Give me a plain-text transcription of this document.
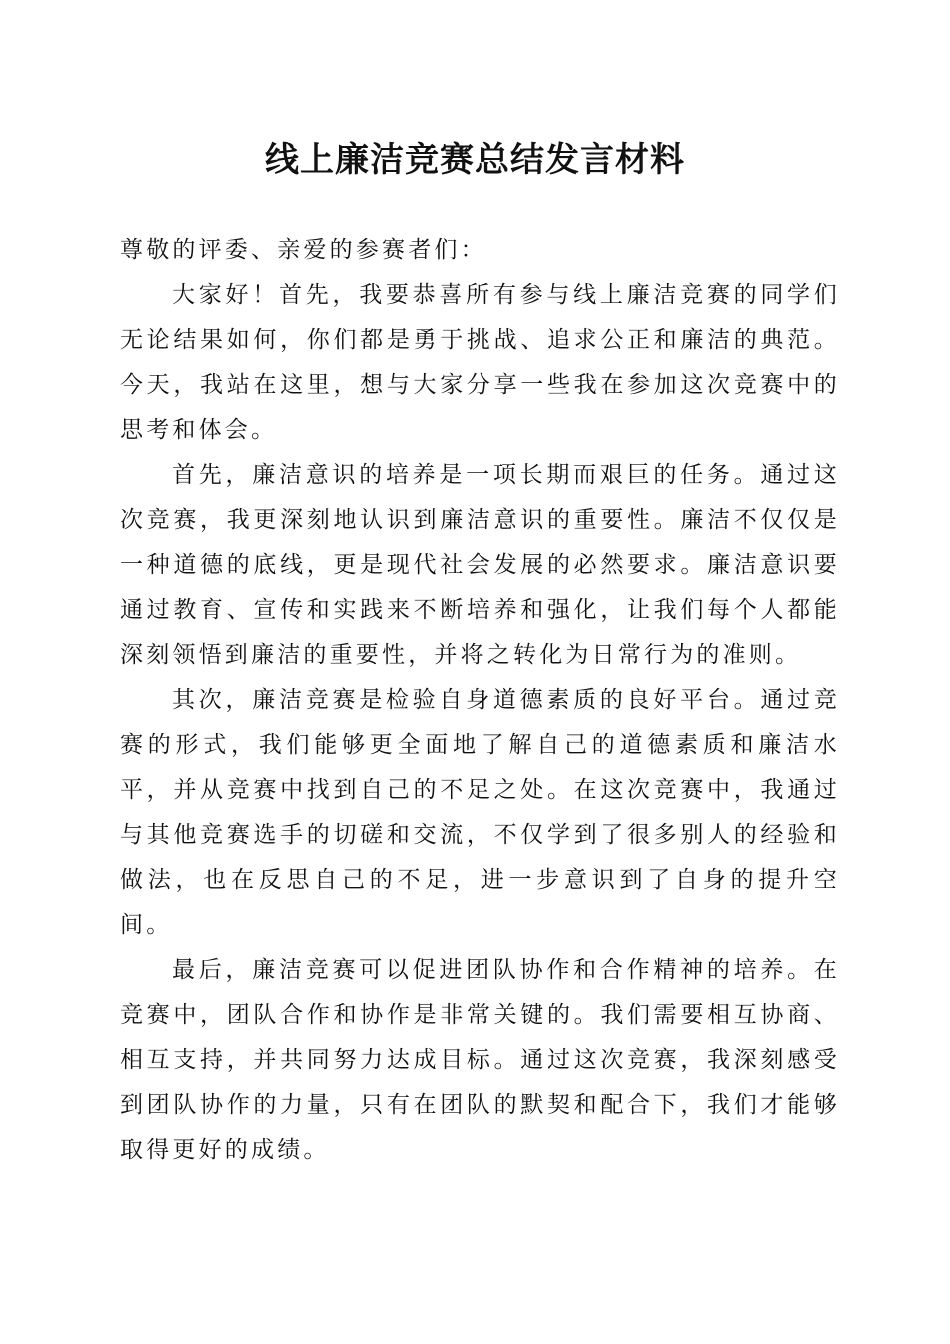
线上廉洁竞赛总结发言材料

尊敬的评委、亲爱的参赛者们：

大家好！首先，我要恭喜所有参与线上廉洁竞赛的同学们无论结果如何，你们都是勇于挑战、追求公正和廉洁的典范。今天，我站在这里，想与大家分享一些我在参加这次竞赛中的思考和体会。

首先，廉洁意识的培养是一项长期而艰巨的任务。通过这次竞赛，我更深刻地认识到廉洁意识的重要性。廉洁不仅仅是一种道德的底线，更是现代社会发展的必然要求。廉洁意识要通过教育、宣传和实践来不断培养和强化，让我们每个人都能深刻领悟到廉洁的重要性，并将之转化为日常行为的准则。

其次，廉洁竞赛是检验自身道德素质的良好平台。通过竞赛的形式，我们能够更全面地了解自己的道德素质和廉洁水平，并从竞赛中找到自己的不足之处。在这次竞赛中，我通过与其他竞赛选手的切磋和交流，不仅学到了很多别人的经验和做法，也在反思自己的不足，进一步意识到了自身的提升空间。

最后，廉洁竞赛可以促进团队协作和合作精神的培养。在竞赛中，团队合作和协作是非常关键的。我们需要相互协商、相互支持，并共同努力达成目标。通过这次竞赛，我深刻感受到团队协作的力量，只有在团队的默契和配合下，我们才能够取得更好的成绩。
